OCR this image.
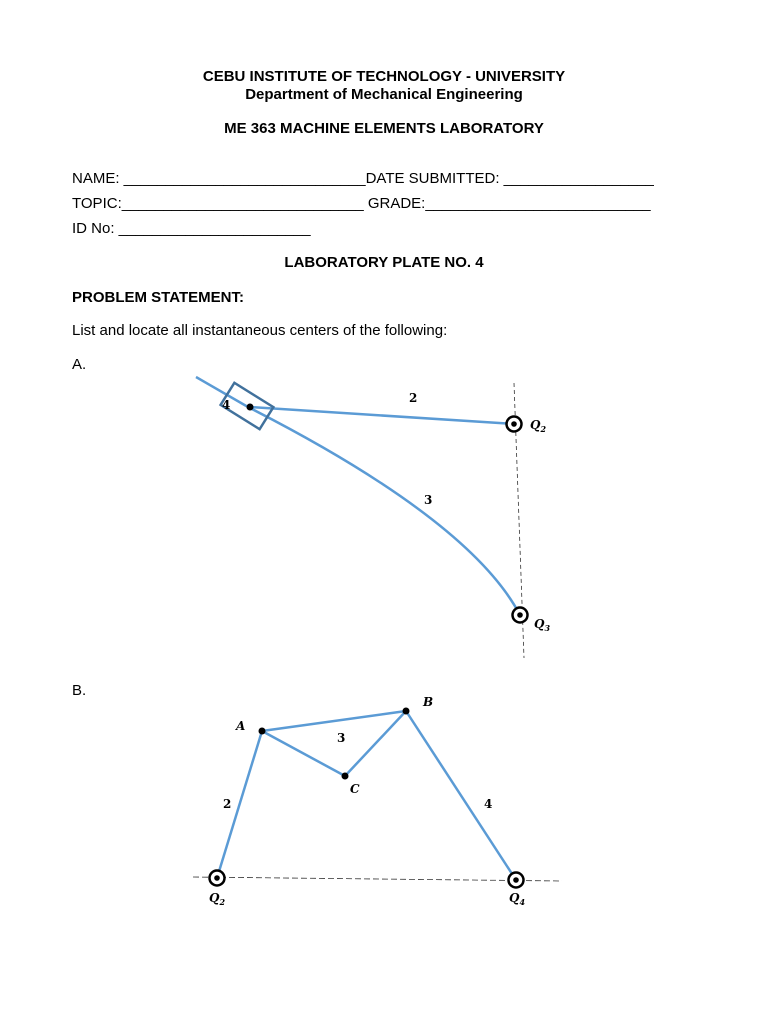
CEBU INSTITUTE OF TECHNOLOGY - UNIVERSITY
Department of Mechanical Engineering
ME 363 MACHINE ELEMENTS LABORATORY
NAME: _____________________________DATE SUBMITTED: __________________
TOPIC:_____________________________ GRADE:___________________________
ID No: _______________________
LABORATORY PLATE NO. 4
PROBLEM STATEMENT:
List and locate all instantaneous centers of the following:
A.
B.
4	2
3
$Q_2$
$Q_3$
A
B
C
3
2	4
$Q_2$	$Q_4$
